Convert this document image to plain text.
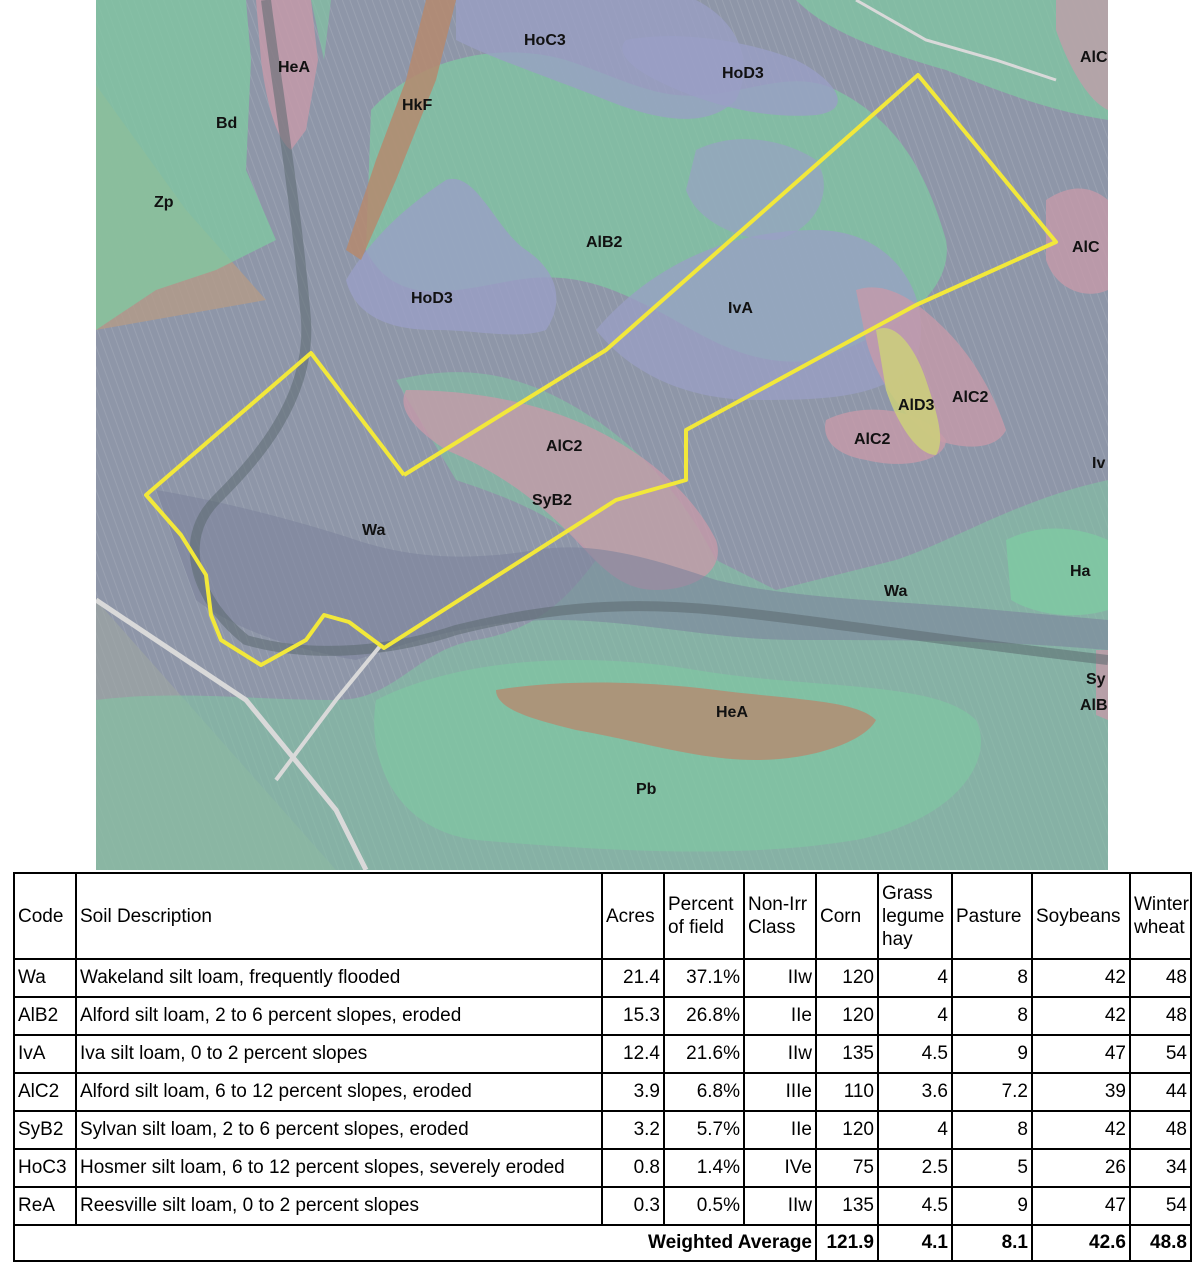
HeA
HoC3
HoD3
AlC
Bd
HkF
Zp
AlB2	AlC
HoD3
IvA
AlD3 AlC2
AlC2
AlC2
Iv
SyB2
Wa
Ha
Wa
Sy
AlB
HeA
Pb
Code	Soil Description	Acres	Percent of field	Non-Irr Class	Corn	Grass legume hay	Pasture	Soybeans	Winter wheat
Wa	Wakeland silt loam, frequently flooded	21.4	37.1%	IIw	120	4	8	42	48
AlB2	Alford silt loam, 2 to 6 percent slopes, eroded	15.3	26.8%	IIe	120	4	8	42	48
IvA	Iva silt loam, 0 to 2 percent slopes	12.4	21.6%	IIw	135	4.5	9	47	54
AlC2	Alford silt loam, 6 to 12 percent slopes, eroded	3.9	6.8%	IIIe	110	3.6	7.2	39	44
SyB2	Sylvan silt loam, 2 to 6 percent slopes, eroded	3.2	5.7%	IIe	120	4	8	42	48
HoC3	Hosmer silt loam, 6 to 12 percent slopes, severely eroded	0.8	1.4%	IVe	75	2.5	5	26	34
ReA	Reesville silt loam, 0 to 2 percent slopes	0.3	0.5%	IIw	135	4.5	9	47	54
Weighted Average					121.9	4.1	8.1	42.6	48.8
